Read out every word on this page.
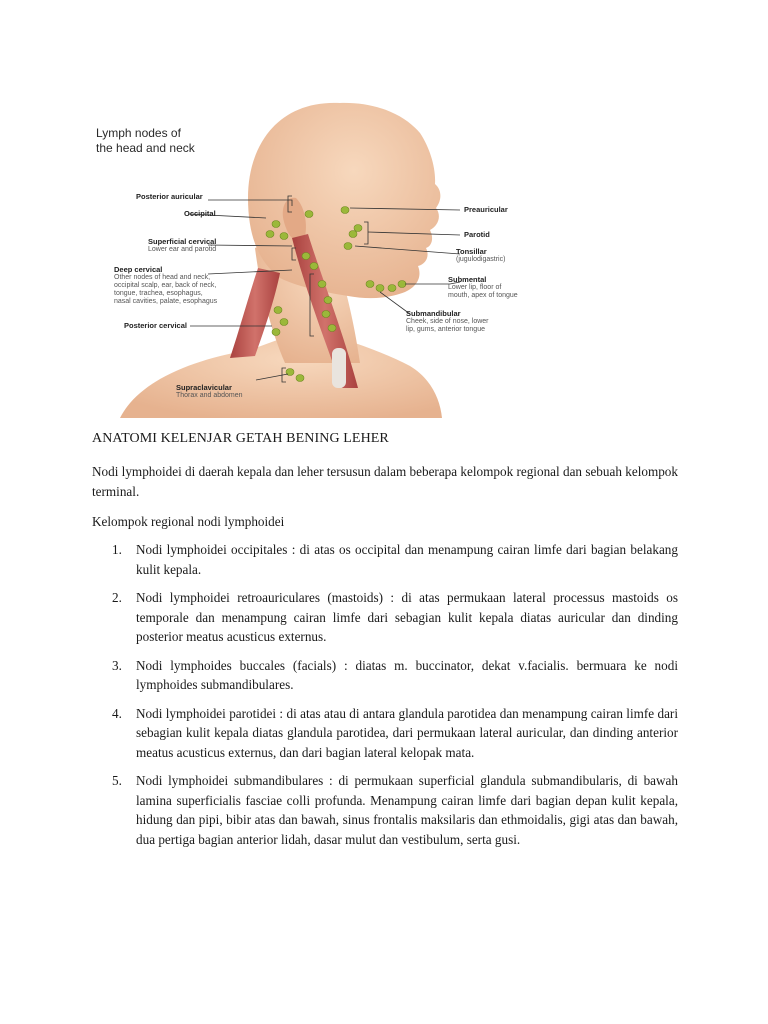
Lymph nodes of
the head and neck
Posterior auricular
Occipital
Superficial cervical
Lower ear and parotid
Deep cervical
Other nodes of head and neck,
occipital scalp, ear, back of neck,
tongue, trachea, esophagus,
nasal cavities, palate, esophagus
Posterior cervical
Supraclavicular
Thorax and abdomen
Preauricular
Parotid
Tonsillar
(jugulodigastric)
Submental
Lower lip, floor of
mouth, apex of tongue
Submandibular
Cheek, side of nose, lower
lip, gums, anterior tongue
ANATOMI KELENJAR GETAH BENING LEHER

Nodi lymphoidei di daerah kepala dan leher tersusun dalam beberapa kelompok regional dan sebuah kelompok terminal.

Kelompok regional nodi lymphoidei

1. Nodi lymphoidei occipitales : di atas os occipital dan menampung cairan limfe dari bagian belakang kulit kepala.
2. Nodi lymphoidei retroauriculares (mastoids) : di atas permukaan lateral processus mastoids os temporale dan menampung cairan limfe dari sebagian kulit kepala diatas auricular dan dinding posterior meatus acusticus externus.
3. Nodi lymphoides buccales (facials) : diatas m. buccinator, dekat v.facialis. bermuara ke nodi lymphoides submandibulares.
4. Nodi lymphoidei parotidei : di atas atau di antara glandula parotidea dan menampung cairan limfe dari sebagian kulit kepala diatas glandula parotidea, dari permukaan lateral auricular, dan dinding anterior meatus acusticus externus, dan dari bagian lateral kelopak mata.
5. Nodi lymphoidei submandibulares : di permukaan superficial glandula submandibularis, di bawah lamina superficialis fasciae colli profunda. Menampung cairan limfe dari bagian depan kulit kepala, hidung dan pipi, bibir atas dan bawah, sinus frontalis maksilaris dan ethmoidalis, gigi atas dan bawah, dua pertiga bagian anterior lidah, dasar mulut dan vestibulum, serta gusi.
